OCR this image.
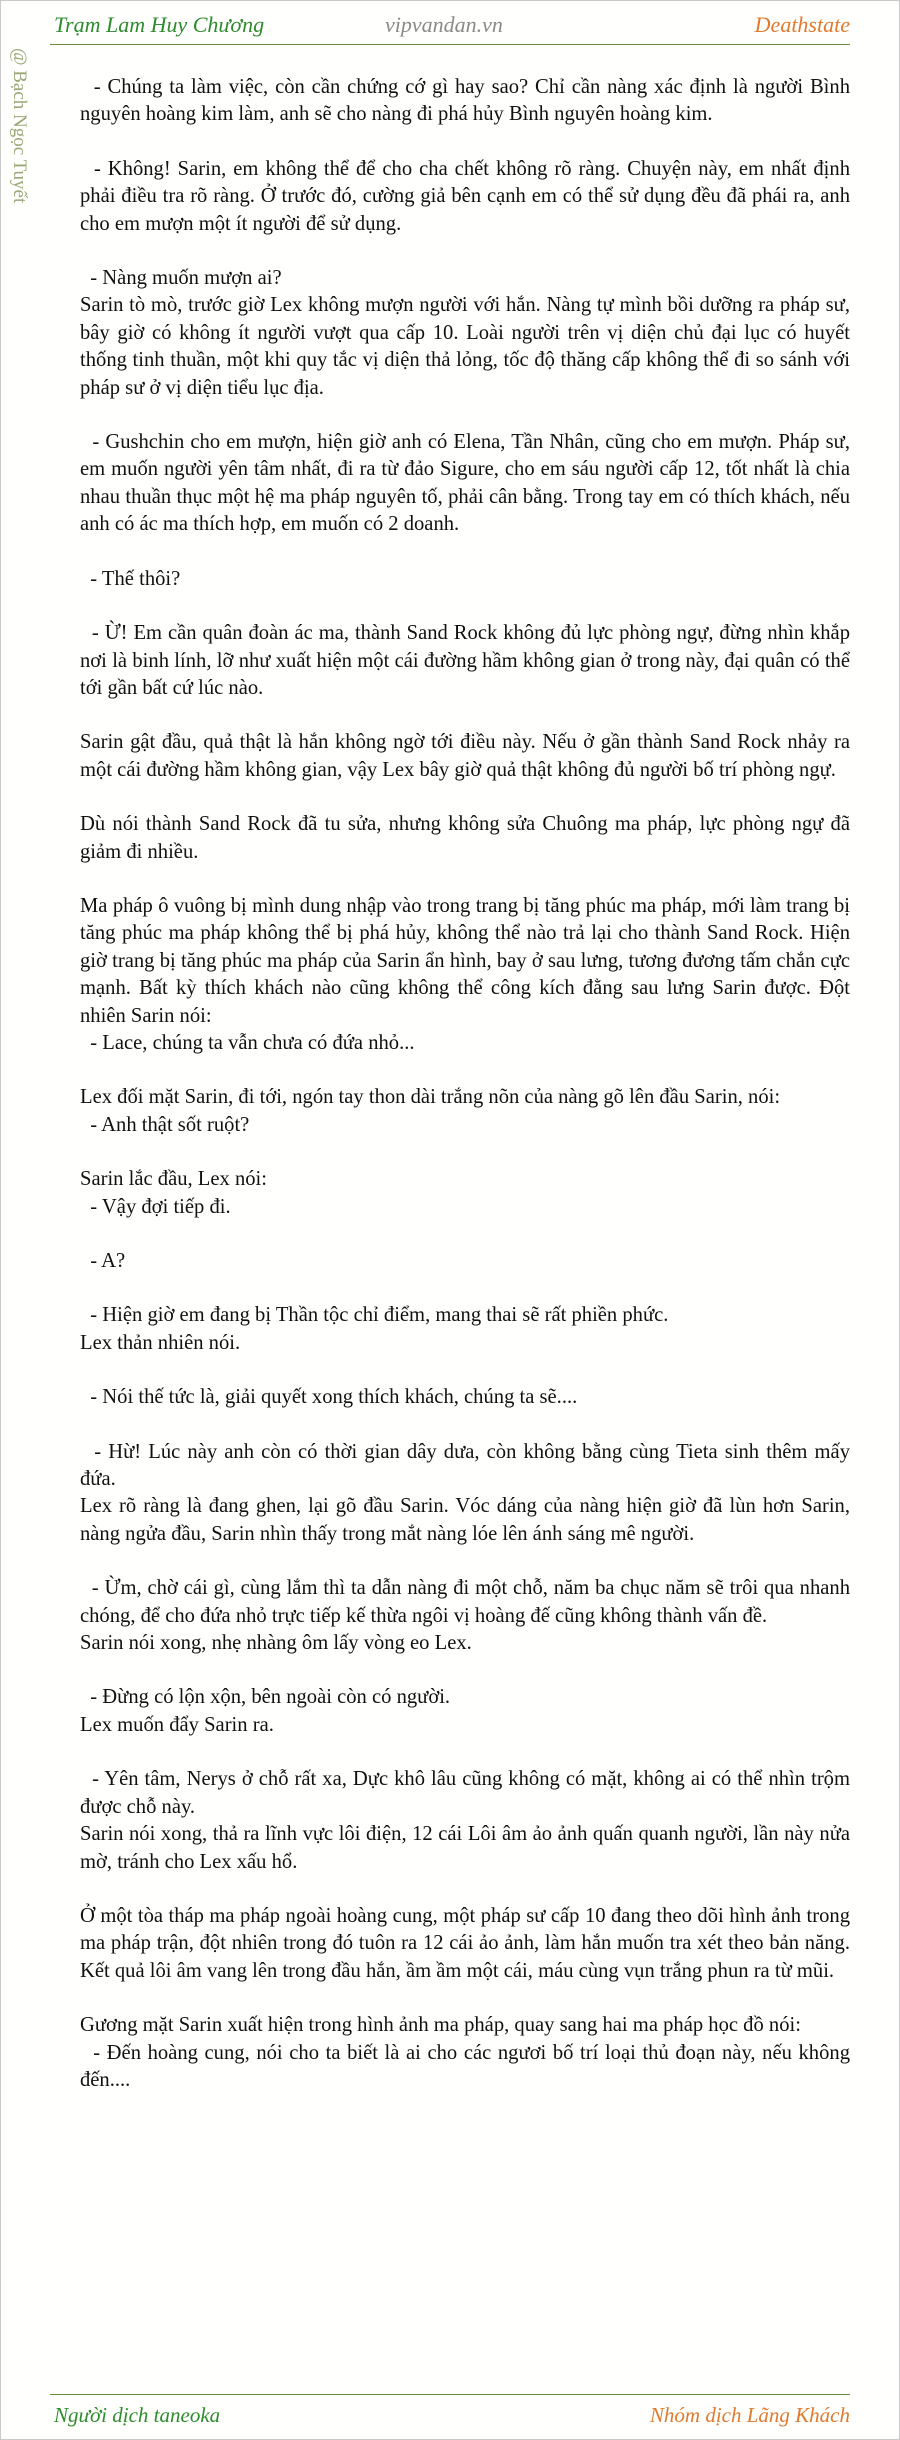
Trạm Lam Huy Chương	vipvandan.vn	Deathstate
@ Bạch Ngọc Tuyết - Chúng ta làm việc, còn cần chứng cớ gì hay sao? Chỉ cần nàng xác định là người Bình nguyên hoàng kim làm, anh sẽ cho nàng đi phá hủy Bình nguyên hoàng kim.

- Không! Sarin, em không thể để cho cha chết không rõ ràng. Chuyện này, em nhất định phải điều tra rõ ràng. Ở trước đó, cường giả bên cạnh em có thể sử dụng đều đã phái ra, anh cho em mượn một ít người để sử dụng.

- Nàng muốn mượn ai?

Sarin tò mò, trước giờ Lex không mượn người với hắn. Nàng tự mình bồi dưỡng ra pháp sư, bây giờ có không ít người vượt qua cấp 10. Loài người trên vị diện chủ đại lục có huyết thống tinh thuần, một khi quy tắc vị diện thả lỏng, tốc độ thăng cấp không thể đi so sánh với pháp sư ở vị diện tiểu lục địa.

- Gushchin cho em mượn, hiện giờ anh có Elena, Tần Nhân, cũng cho em mượn. Pháp sư, em muốn người yên tâm nhất, đi ra từ đảo Sigure, cho em sáu người cấp 12, tốt nhất là chia nhau thuần thục một hệ ma pháp nguyên tố, phải cân bằng. Trong tay em có thích khách, nếu anh có ác ma thích hợp, em muốn có 2 doanh.

- Thế thôi?

- Ừ! Em cần quân đoàn ác ma, thành Sand Rock không đủ lực phòng ngự, đừng nhìn khắp nơi là binh lính, lỡ như xuất hiện một cái đường hầm không gian ở trong này, đại quân có thể tới gần bất cứ lúc nào.

Sarin gật đầu, quả thật là hắn không ngờ tới điều này. Nếu ở gần thành Sand Rock nhảy ra một cái đường hầm không gian, vậy Lex bây giờ quả thật không đủ người bố trí phòng ngự.

Dù nói thành Sand Rock đã tu sửa, nhưng không sửa Chuông ma pháp, lực phòng ngự đã giảm đi nhiều.

Ma pháp ô vuông bị mình dung nhập vào trong trang bị tăng phúc ma pháp, mới làm trang bị tăng phúc ma pháp không thể bị phá hủy, không thể nào trả lại cho thành Sand Rock. Hiện giờ trang bị tăng phúc ma pháp của Sarin ẩn hình, bay ở sau lưng, tương đương tấm chắn cực mạnh. Bất kỳ thích khách nào cũng không thể công kích đằng sau lưng Sarin được. Đột nhiên Sarin nói:

- Lace, chúng ta vẫn chưa có đứa nhỏ...

Lex đối mặt Sarin, đi tới, ngón tay thon dài trắng nõn của nàng gõ lên đầu Sarin, nói:

- Anh thật sốt ruột?

Sarin lắc đầu, Lex nói:

- Vậy đợi tiếp đi.

- A?

- Hiện giờ em đang bị Thần tộc chỉ điểm, mang thai sẽ rất phiền phức.

Lex thản nhiên nói.

- Nói thế tức là, giải quyết xong thích khách, chúng ta sẽ....

- Hừ! Lúc này anh còn có thời gian dây dưa, còn không bằng cùng Tieta sinh thêm mấy đứa.

Lex rõ ràng là đang ghen, lại gõ đầu Sarin. Vóc dáng của nàng hiện giờ đã lùn hơn Sarin, nàng ngửa đầu, Sarin nhìn thấy trong mắt nàng lóe lên ánh sáng mê người.

- Ừm, chờ cái gì, cùng lắm thì ta dẫn nàng đi một chỗ, năm ba chục năm sẽ trôi qua nhanh chóng, để cho đứa nhỏ trực tiếp kế thừa ngôi vị hoàng đế cũng không thành vấn đề.

Sarin nói xong, nhẹ nhàng ôm lấy vòng eo Lex.

- Đừng có lộn xộn, bên ngoài còn có người.

Lex muốn đẩy Sarin ra.

- Yên tâm, Nerys ở chỗ rất xa, Dực khô lâu cũng không có mặt, không ai có thể nhìn trộm được chỗ này.

Sarin nói xong, thả ra lĩnh vực lôi điện, 12 cái Lôi âm ảo ảnh quấn quanh người, lần này nửa mờ, tránh cho Lex xấu hổ.

Ở một tòa tháp ma pháp ngoài hoàng cung, một pháp sư cấp 10 đang theo dõi hình ảnh trong ma pháp trận, đột nhiên trong đó tuôn ra 12 cái ảo ảnh, làm hắn muốn tra xét theo bản năng. Kết quả lôi âm vang lên trong đầu hắn, ầm ầm một cái, máu cùng vụn trắng phun ra từ mũi.

Gương mặt Sarin xuất hiện trong hình ảnh ma pháp, quay sang hai ma pháp học đồ nói:

- Đến hoàng cung, nói cho ta biết là ai cho các ngươi bố trí loại thủ đoạn này, nếu không đến....

Người dịch taneoka	Nhóm dịch Lãng Khách
